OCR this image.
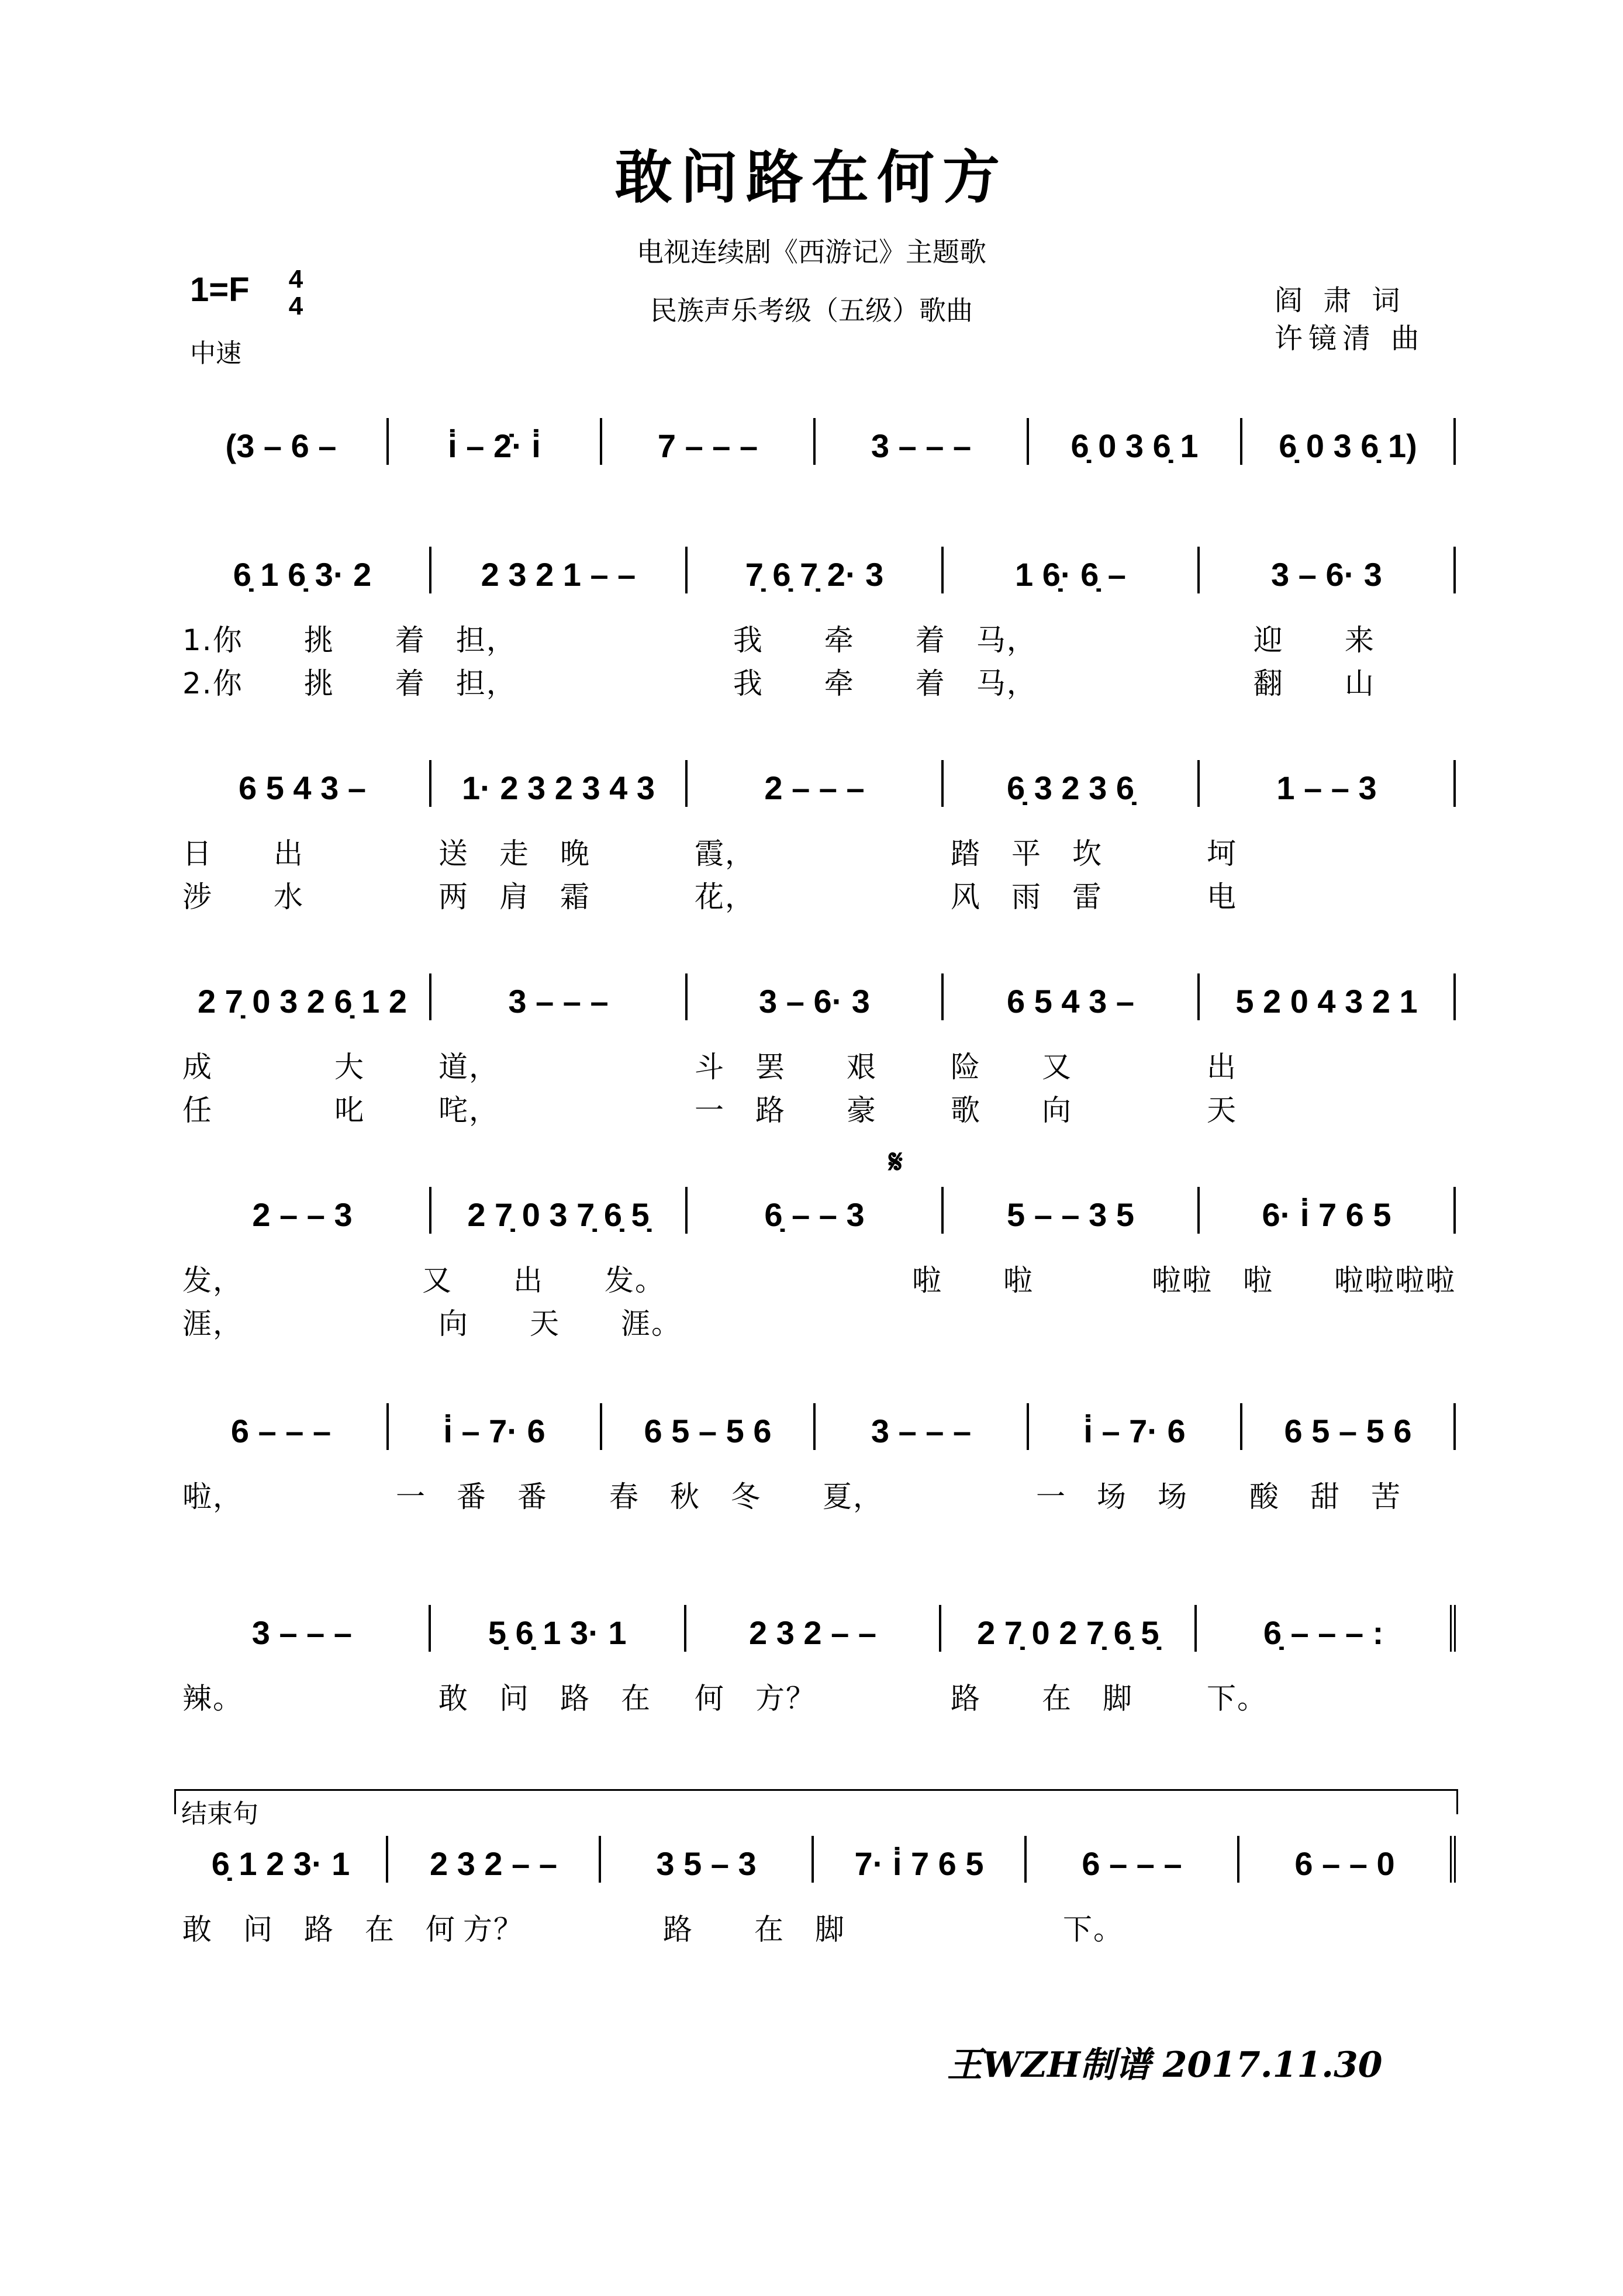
敢问路在何方
电视连续剧《西游记》主题歌
民族声乐考级（五级）歌曲
1=F 4
4
中速
阎 肃 词
许镜清 曲
(3 – 6 –	i̇ – 2̇· i̇	7 – – –	3 – – –	6̣ 0 3 6̣ 1	6̣ 0 3 6̣ 1)
6̣ 1 6̣ 3· 2	2 3 2 1 – –	7̣ 6̣ 7̣ 2· 3	1 6̣· 6̣ –	3 – 6· 3
1.你　　挑　　着　担，	我　　牵　　着　马，	迎　　来
2.你　　挑　　着　担，	我　　牵　　着　马，	翻　　山
6 5 4 3 –	1· 2 3 2 3 4 3	2 – – –	6̣ 3 2 3 6̣	1 – – 3
日　　出	送　走　晚	霞，	踏　平　坎	坷
涉　　水	两　肩　霜	花，	风　雨　雷	电
2 7̣ 0 3 2 6̣ 1 2	3 – – –	3 – 6· 3	6 5 4 3 –	5 2 0 4 3 2 1
成　　　　大	道，	斗　罢　　艰	险　　又	出
任　　　　叱	咤，	一　路　　豪	歌　　向	天
2 – – 3	2 7̣ 0 3 7̣ 6̣ 5̣	6̣ – – 3	5 – – 3 5	6· i̇ 7 6 5
发，	又　　出　　发。	啦　　啦	啦啦　啦　　啦啦啦啦
涯，	向　　天　　涯。
6 – – –	i̇ – 7· 6	6 5 – 5 6	3 – – –	i̇ – 7· 6	6 5 – 5 6
啦，	一　番　番	春　秋　冬	夏，	一　场　场	酸　甜　苦
3 – – –	5̣ 6̣ 1 3· 1	2 3 2 – –	2 7̣ 0 2 7̣ 6̣ 5̣	6̣ – – – :
辣。	敢　问　路　在	何　方？	路　　在　脚	下。
6̣ 1 2 3· 1	2 3 2 – –	3 5 – 3	7· i̇ 7 6 5	6 – – –	6 – – 0
敢　问　路　在　何 方？	路　　在　脚	下。
𝄋
结束句
王WZH制谱 2017.11.30
